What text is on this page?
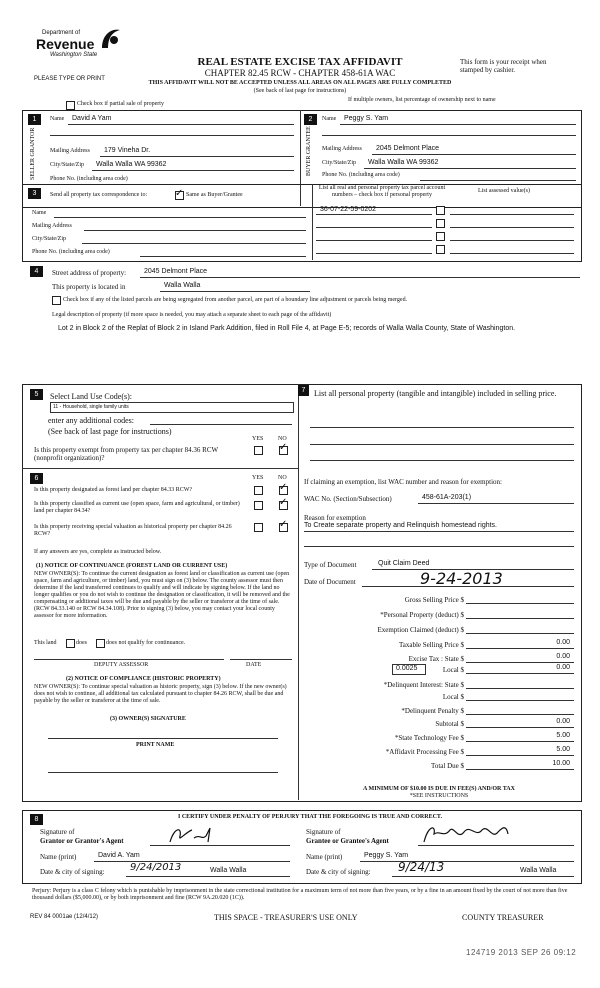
Department of
Revenue
Washington State
PLEASE TYPE OR PRINT
REAL ESTATE EXCISE TAX AFFIDAVIT
CHAPTER 82.45 RCW - CHAPTER 458-61A WAC
THIS AFFIDAVIT WILL NOT BE ACCEPTED UNLESS ALL AREAS ON ALL PAGES ARE FULLY COMPLETED
(See back of last page for instructions)
This form is your receipt when stamped by cashier.
Check box if partial sale of property
If multiple owners, list percentage of ownership next to name
1
SELLER GRANTOR
Name David A Yam
Mailing Address 179 Vineha Dr.
City/State/Zip Walla Walla WA 99362
Phone No. (including area code)
2
BUYER GRANTEE
Name Peggy S. Yam
Mailing Address 2045 Delmont Place
City/State/Zip Walla Walla WA 99362
Phone No. (including area code)
3	Send all property tax correspondence to:	✓ Same as Buyer/Grantee
List all real and personal property tax parcel account numbers – check box if personal property
List assessed value(s)
36-07-22-59-0202
Name
Mailing Address
City/State/Zip
Phone No. (including area code)
4	Street address of property:	2045 Delmont Place
This property is located in	Walla Walla
Check box if any of the listed parcels are being segregated from another parcel, are part of a boundary line adjustment or parcels being merged.
Legal description of property (if more space is needed, you may attach a separate sheet to each page of the affidavit)
Lot 2 in Block 2 of the Replat of Block 2 in Island Park Addition, filed in Roll File 4, at Page E-5; records of Walla Walla County, State of Washington.
5	Select Land Use Code(s):
11 - Household, single family units
enter any additional codes:
(See back of last page for instructions)
YES NO
Is this property exempt from property tax per chapter 84.36 RCW (nonprofit organization)?
✓
6	YES NO
Is this property designated as forest land per chapter 84.33 RCW?	✓
Is this property classified as current use (open space, farm and agricultural, or timber) land per chapter 84.34?
✓
Is this property receiving special valuation as historical property per chapter 84.26 RCW?
✓
If any answers are yes, complete as instructed below.
(1) NOTICE OF CONTINUANCE (FOREST LAND OR CURRENT USE)
NEW OWNER(S): To continue the current designation as forest land or classification as current use (open space, farm and agriculture, or timber) land, you must sign on (3) below. The county assessor must then determine if the land transferred continues to qualify and will indicate by signing below. If the land no longer qualifies or you do not wish to continue the designation or classification, it will be removed and the compensating or additional taxes will be due and payable by the seller or transferor at the time of sale. (RCW 84.33.140 or RCW 84.34.108). Prior to signing (3) below, you may contact your local county assessor for more information.
This land	does	does not qualify for continuance.
DEPUTY ASSESSOR	DATE
(2) NOTICE OF COMPLIANCE (HISTORIC PROPERTY)
NEW OWNER(S): To continue special valuation as historic property, sign (3) below. If the new owner(s) does not wish to continue, all additional tax calculated pursuant to chapter 84.26 RCW, shall be due and payable by the seller or transferor at the time of sale.
(3) OWNER(S) SIGNATURE
PRINT NAME
7	List all personal property (tangible and intangible) included in selling price.
If claiming an exemption, list WAC number and reason for exemption:
WAC No. (Section/Subsection)	458-61A-203(1)
Reason for exemption
To Create separate property and Relinquish homestead rights.
Type of Document	Quit Claim Deed
Date of Document	9-24-2013
Gross Selling Price $
*Personal Property (deduct) $
Exemption Claimed (deduct) $
Taxable Selling Price $	0.00
Excise Tax : State $	0.00
0.0025	Local $	0.00
*Delinquent Interest: State $
Local $
*Delinquent Penalty $
Subtotal $	0.00
*State Technology Fee $	5.00
*Affidavit Processing Fee $	5.00
Total Due $	10.00
A MINIMUM OF $10.00 IS DUE IN FEE(S) AND/OR TAX
*SEE INSTRUCTIONS
8	I CERTIFY UNDER PENALTY OF PERJURY THAT THE FOREGOING IS TRUE AND CORRECT.
Signature of
Grantor or Grantor's Agent
Name (print)	David A. Yam
Date & city of signing:	9/24/2013	Walla Walla
Signature of
Grantee or Grantee's Agent
Name (print)	Peggy S. Yam
Date & city of signing: 9/24/13	Walla Walla
Perjury: Perjury is a class C felony which is punishable by imprisonment in the state correctional institution for a maximum term of not more than five years, or by a fine in an amount fixed by the court of not more than five thousand dollars ($5,000.00), or by both imprisonment and fine (RCW 9A.20.020 (1C)).
REV 84 0001ae (12/4/12)	THIS SPACE - TREASURER'S USE ONLY	COUNTY TREASURER
124719 2013 SEP 26 09:12
